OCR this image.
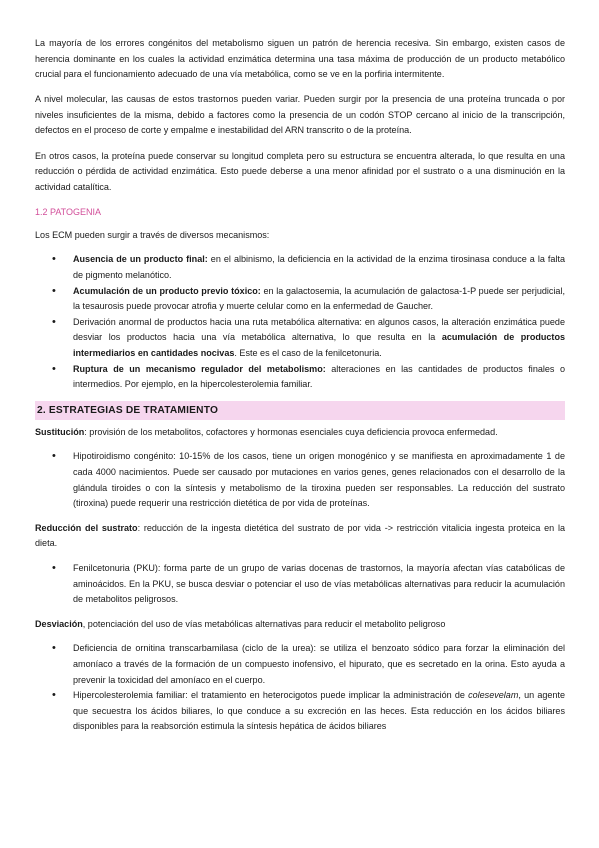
La mayoría de los errores congénitos del metabolismo siguen un patrón de herencia recesiva. Sin embargo, existen casos de herencia dominante en los cuales la actividad enzimática determina una tasa máxima de producción de un producto metabólico crucial para el funcionamiento adecuado de una vía metabólica, como se ve en la porfiria intermitente.

A nivel molecular, las causas de estos trastornos pueden variar. Pueden surgir por la presencia de una proteína truncada o por niveles insuficientes de la misma, debido a factores como la presencia de un codón STOP cercano al inicio de la transcripción, defectos en el proceso de corte y empalme e inestabilidad del ARN transcrito o de la proteína.

En otros casos, la proteína puede conservar su longitud completa pero su estructura se encuentra alterada, lo que resulta en una reducción o pérdida de actividad enzimática. Esto puede deberse a una menor afinidad por el sustrato o a una disminución en la actividad catalítica.

1.2 PATOGENIA

Los ECM pueden surgir a través de diversos mecanismos:

• Ausencia de un producto final: en el albinismo, la deficiencia en la actividad de la enzima tirosinasa conduce a la falta de pigmento melanótico.
• Acumulación de un producto previo tóxico: en la galactosemia, la acumulación de galactosa-1-P puede ser perjudicial, la tesaurosis puede provocar atrofia y muerte celular como en la enfermedad de Gaucher.
• Derivación anormal de productos hacia una ruta metabólica alternativa: en algunos casos, la alteración enzimática puede desviar los productos hacia una vía metabólica alternativa, lo que resulta en la acumulación de productos intermediarios en cantidades nocivas. Este es el caso de la fenilcetonuria.
• Ruptura de un mecanismo regulador del metabolismo: alteraciones en las cantidades de productos finales o intermedios. Por ejemplo, en la hipercolesterolemia familiar.
2. ESTRATEGIAS DE TRATAMIENTO

Sustitución: provisión de los metabolitos, cofactores y hormonas esenciales cuya deficiencia provoca enfermedad.

• Hipotiroidismo congénito: 10-15% de los casos, tiene un origen monogénico y se manifiesta en aproximadamente 1 de cada 4000 nacimientos. Puede ser causado por mutaciones en varios genes, genes relacionados con el desarrollo de la glándula tiroides o con la síntesis y metabolismo de la tiroxina pueden ser responsables. La reducción del sustrato (tiroxina) puede requerir una restricción dietética de por vida de proteínas.

Reducción del sustrato: reducción de la ingesta dietética del sustrato de por vida -> restricción vitalicia ingesta proteica en la dieta.

• Fenilcetonuria (PKU): forma parte de un grupo de varias docenas de trastornos, la mayoría afectan vías catabólicas de aminoácidos. En la PKU, se busca desviar o potenciar el uso de vías metabólicas alternativas para reducir la acumulación de metabolitos peligrosos.

Desviación, potenciación del uso de vías metabólicas alternativas para reducir el metabolito peligroso

• Deficiencia de ornitina transcarbamilasa (ciclo de la urea): se utiliza el benzoato sódico para forzar la eliminación del amoníaco a través de la formación de un compuesto inofensivo, el hipurato, que es secretado en la orina. Esto ayuda a prevenir la toxicidad del amoníaco en el cuerpo.
• Hipercolesterolemia familiar: el tratamiento en heterocigotos puede implicar la administración de colesevelam, un agente que secuestra los ácidos biliares, lo que conduce a su excreción en las heces. Esta reducción en los ácidos biliares disponibles para la reabsorción estimula la síntesis hepática de ácidos biliares
